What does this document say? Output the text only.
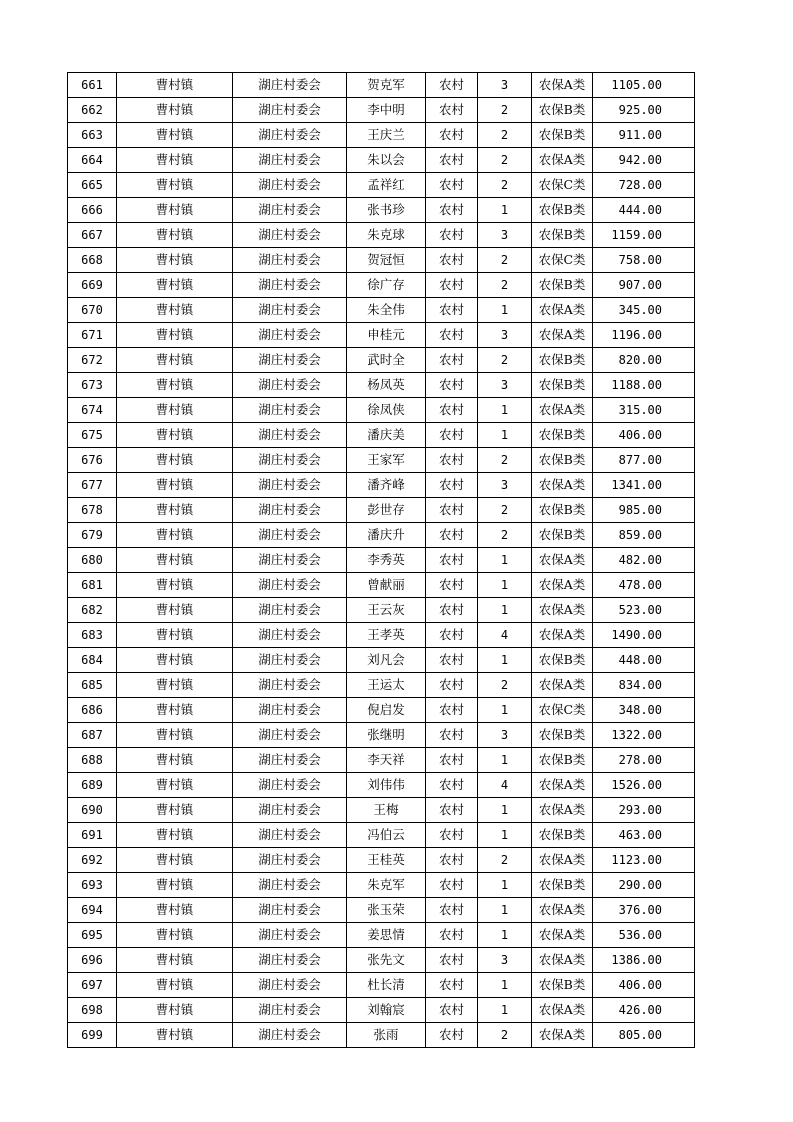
661	曹村镇	湖庄村委会	贺克军	农村	3	农保A类	1105.00
662	曹村镇	湖庄村委会	李中明	农村	2	农保B类	925.00
663	曹村镇	湖庄村委会	王庆兰	农村	2	农保B类	911.00
664	曹村镇	湖庄村委会	朱以会	农村	2	农保A类	942.00
665	曹村镇	湖庄村委会	孟祥红	农村	2	农保C类	728.00
666	曹村镇	湖庄村委会	张书珍	农村	1	农保B类	444.00
667	曹村镇	湖庄村委会	朱克球	农村	3	农保B类	1159.00
668	曹村镇	湖庄村委会	贺冠恒	农村	2	农保C类	758.00
669	曹村镇	湖庄村委会	徐广存	农村	2	农保B类	907.00
670	曹村镇	湖庄村委会	朱全伟	农村	1	农保A类	345.00
671	曹村镇	湖庄村委会	申桂元	农村	3	农保A类	1196.00
672	曹村镇	湖庄村委会	武时全	农村	2	农保B类	820.00
673	曹村镇	湖庄村委会	杨凤英	农村	3	农保B类	1188.00
674	曹村镇	湖庄村委会	徐凤侠	农村	1	农保A类	315.00
675	曹村镇	湖庄村委会	潘庆美	农村	1	农保B类	406.00
676	曹村镇	湖庄村委会	王家军	农村	2	农保B类	877.00
677	曹村镇	湖庄村委会	潘齐峰	农村	3	农保A类	1341.00
678	曹村镇	湖庄村委会	彭世存	农村	2	农保B类	985.00
679	曹村镇	湖庄村委会	潘庆升	农村	2	农保B类	859.00
680	曹村镇	湖庄村委会	李秀英	农村	1	农保A类	482.00
681	曹村镇	湖庄村委会	曾献丽	农村	1	农保A类	478.00
682	曹村镇	湖庄村委会	王云灰	农村	1	农保A类	523.00
683	曹村镇	湖庄村委会	王孝英	农村	4	农保A类	1490.00
684	曹村镇	湖庄村委会	刘凡会	农村	1	农保B类	448.00
685	曹村镇	湖庄村委会	王运太	农村	2	农保A类	834.00
686	曹村镇	湖庄村委会	倪启发	农村	1	农保C类	348.00
687	曹村镇	湖庄村委会	张继明	农村	3	农保B类	1322.00
688	曹村镇	湖庄村委会	李天祥	农村	1	农保B类	278.00
689	曹村镇	湖庄村委会	刘伟伟	农村	4	农保A类	1526.00
690	曹村镇	湖庄村委会	王梅	农村	1	农保A类	293.00
691	曹村镇	湖庄村委会	冯伯云	农村	1	农保B类	463.00
692	曹村镇	湖庄村委会	王桂英	农村	2	农保A类	1123.00
693	曹村镇	湖庄村委会	朱克军	农村	1	农保B类	290.00
694	曹村镇	湖庄村委会	张玉荣	农村	1	农保A类	376.00
695	曹村镇	湖庄村委会	姜思情	农村	1	农保A类	536.00
696	曹村镇	湖庄村委会	张先文	农村	3	农保A类	1386.00
697	曹村镇	湖庄村委会	杜长清	农村	1	农保B类	406.00
698	曹村镇	湖庄村委会	刘翰宸	农村	1	农保A类	426.00
699	曹村镇	湖庄村委会	张雨	农村	2	农保A类	805.00
